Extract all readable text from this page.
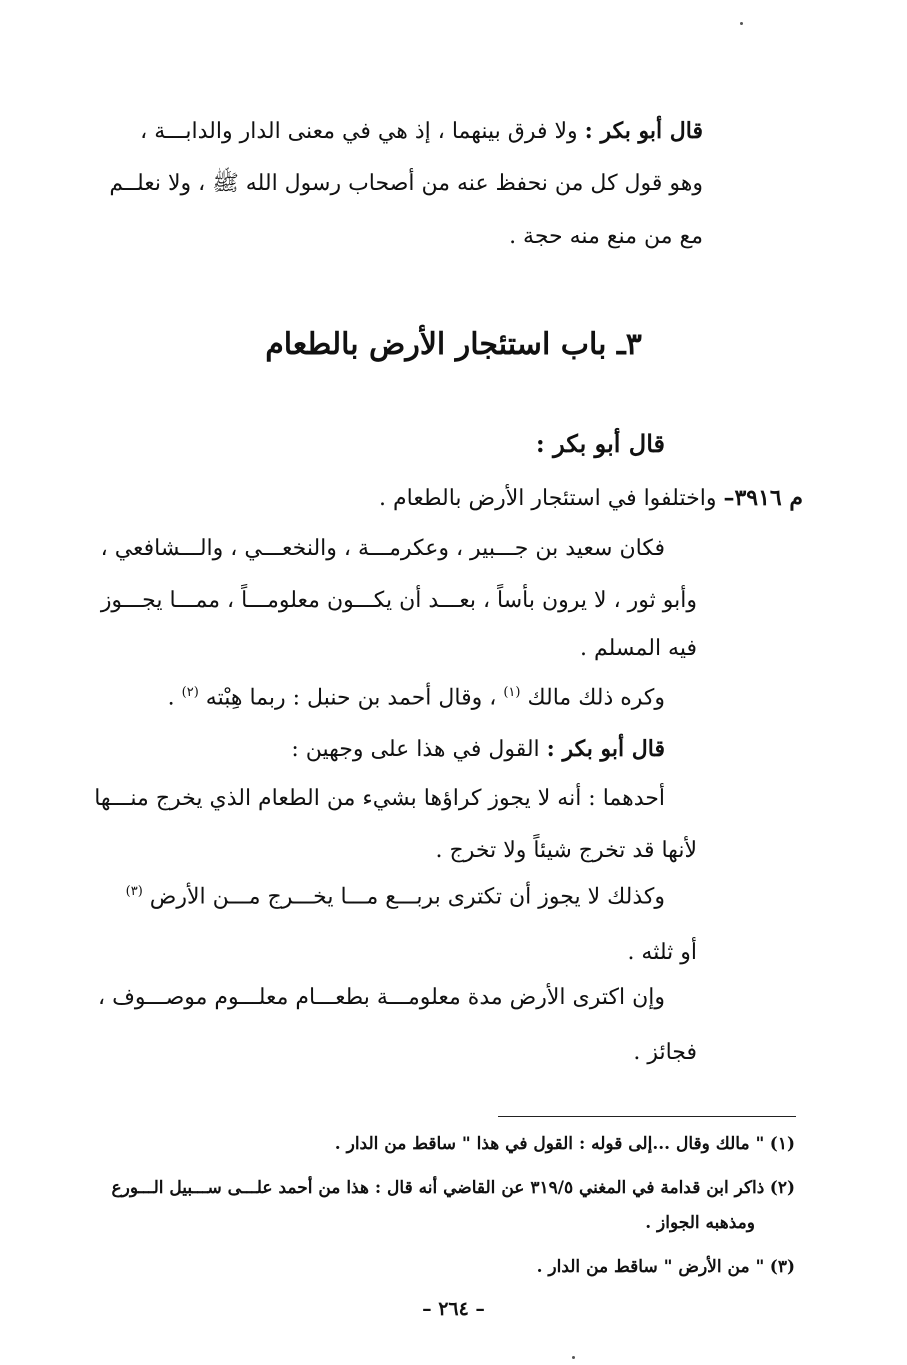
قال أبو بكر : ولا فرق بينهما ، إذ هي في معنى الدار والدابـــة ،
وهو قول كل من نحفظ عنه من أصحاب رسول الله ﷺ ، ولا نعلــم
مع من منع منه حجة .
٣ـ باب استئجار الأرض بالطعام
قال أبو بكر :
م ٣٩١٦– واختلفوا في استئجار الأرض بالطعام .
فكان سعيد بن جـــبير ، وعكرمـــة ، والنخعـــي ، والـــشافعي ،
وأبو ثور ، لا يرون بأساً ، بعـــد أن يكـــون معلومـــاً ، ممـــا يجـــوز
فيه المسلم .
وكره ذلك مالك $^{(١)}$ ، وقال أحمد بن حنبل : ربما هِبْته $^{(٢)}$ .
قال أبو بكر : القول في هذا على وجهين :
أحدهما : أنه لا يجوز كراؤها بشيء من الطعام الذي يخرج منـــها
لأنها قد تخرج شيئاً ولا تخرج .
وكذلك لا يجوز أن تكترى بربـــع مـــا يخـــرج مـــن الأرض $^{(٣)}$
أو ثلثه .
وإن اكترى الأرض مدة معلومـــة بطعـــام معلـــوم موصـــوف ،
فجائز .
(١) " مالك وقال ...إلى قوله : القول في هذا " ساقط من الدار .
(٢) ذاكر ابن قدامة في المغني ٣١٩/٥ عن القاضي أنه قال : هذا من أحمد علـــى ســـبيل الـــورع
ومذهبه الجواز .
(٣) " من الأرض " ساقط من الدار .
– ٢٦٤ –
